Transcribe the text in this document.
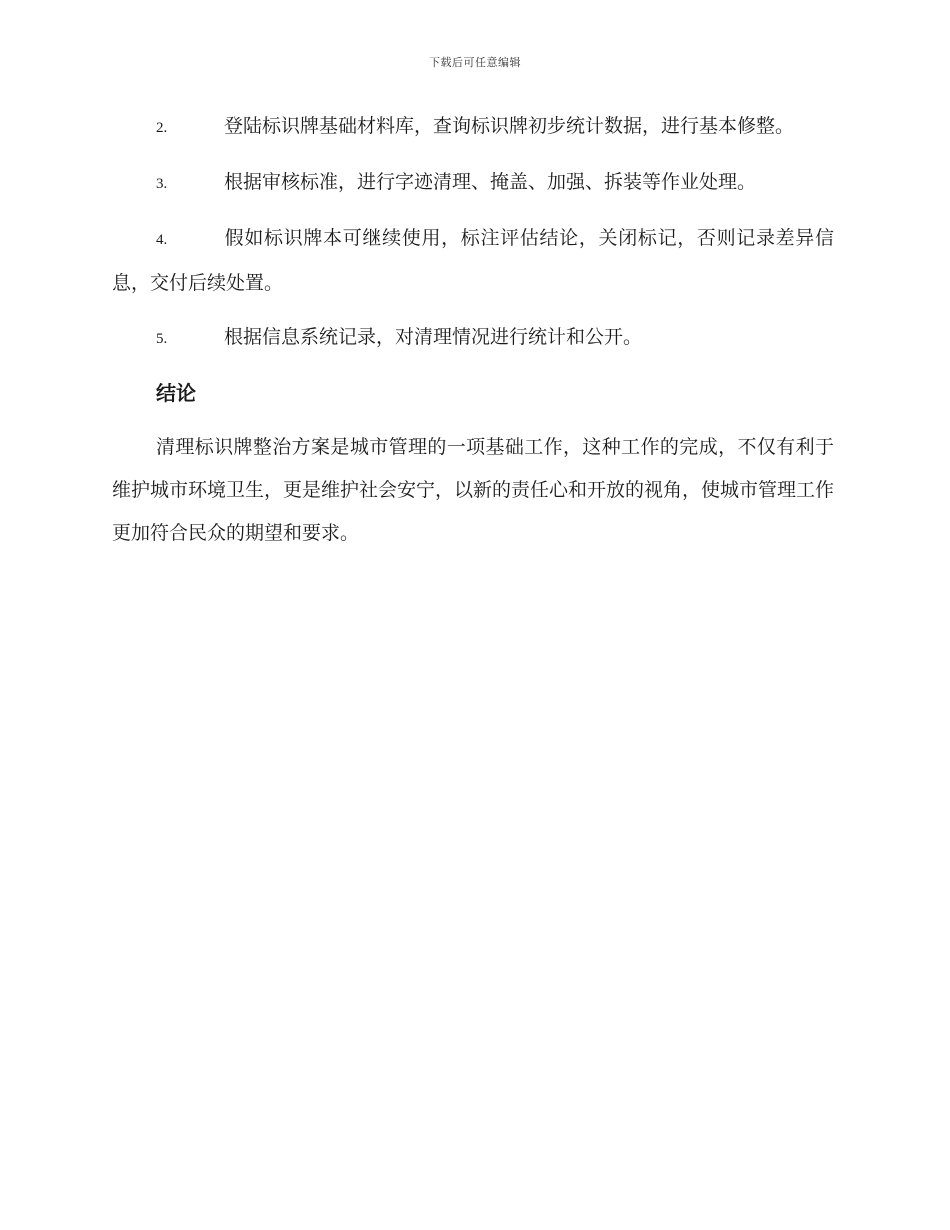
下载后可任意编辑

2.	登陆标识牌基础材料库，查询标识牌初步统计数据，进行基本修整。

3.	根据审核标准，进行字迹清理、掩盖、加强、拆装等作业处理。

4.	假如标识牌本可继续使用，标注评估结论，关闭标记，否则记录差异信息，交付后续处置。

5.	根据信息系统记录，对清理情况进行统计和公开。

结论

清理标识牌整治方案是城市管理的一项基础工作，这种工作的完成，不仅有利于维护城市环境卫生，更是维护社会安宁，以新的责任心和开放的视角，使城市管理工作更加符合民众的期望和要求。
